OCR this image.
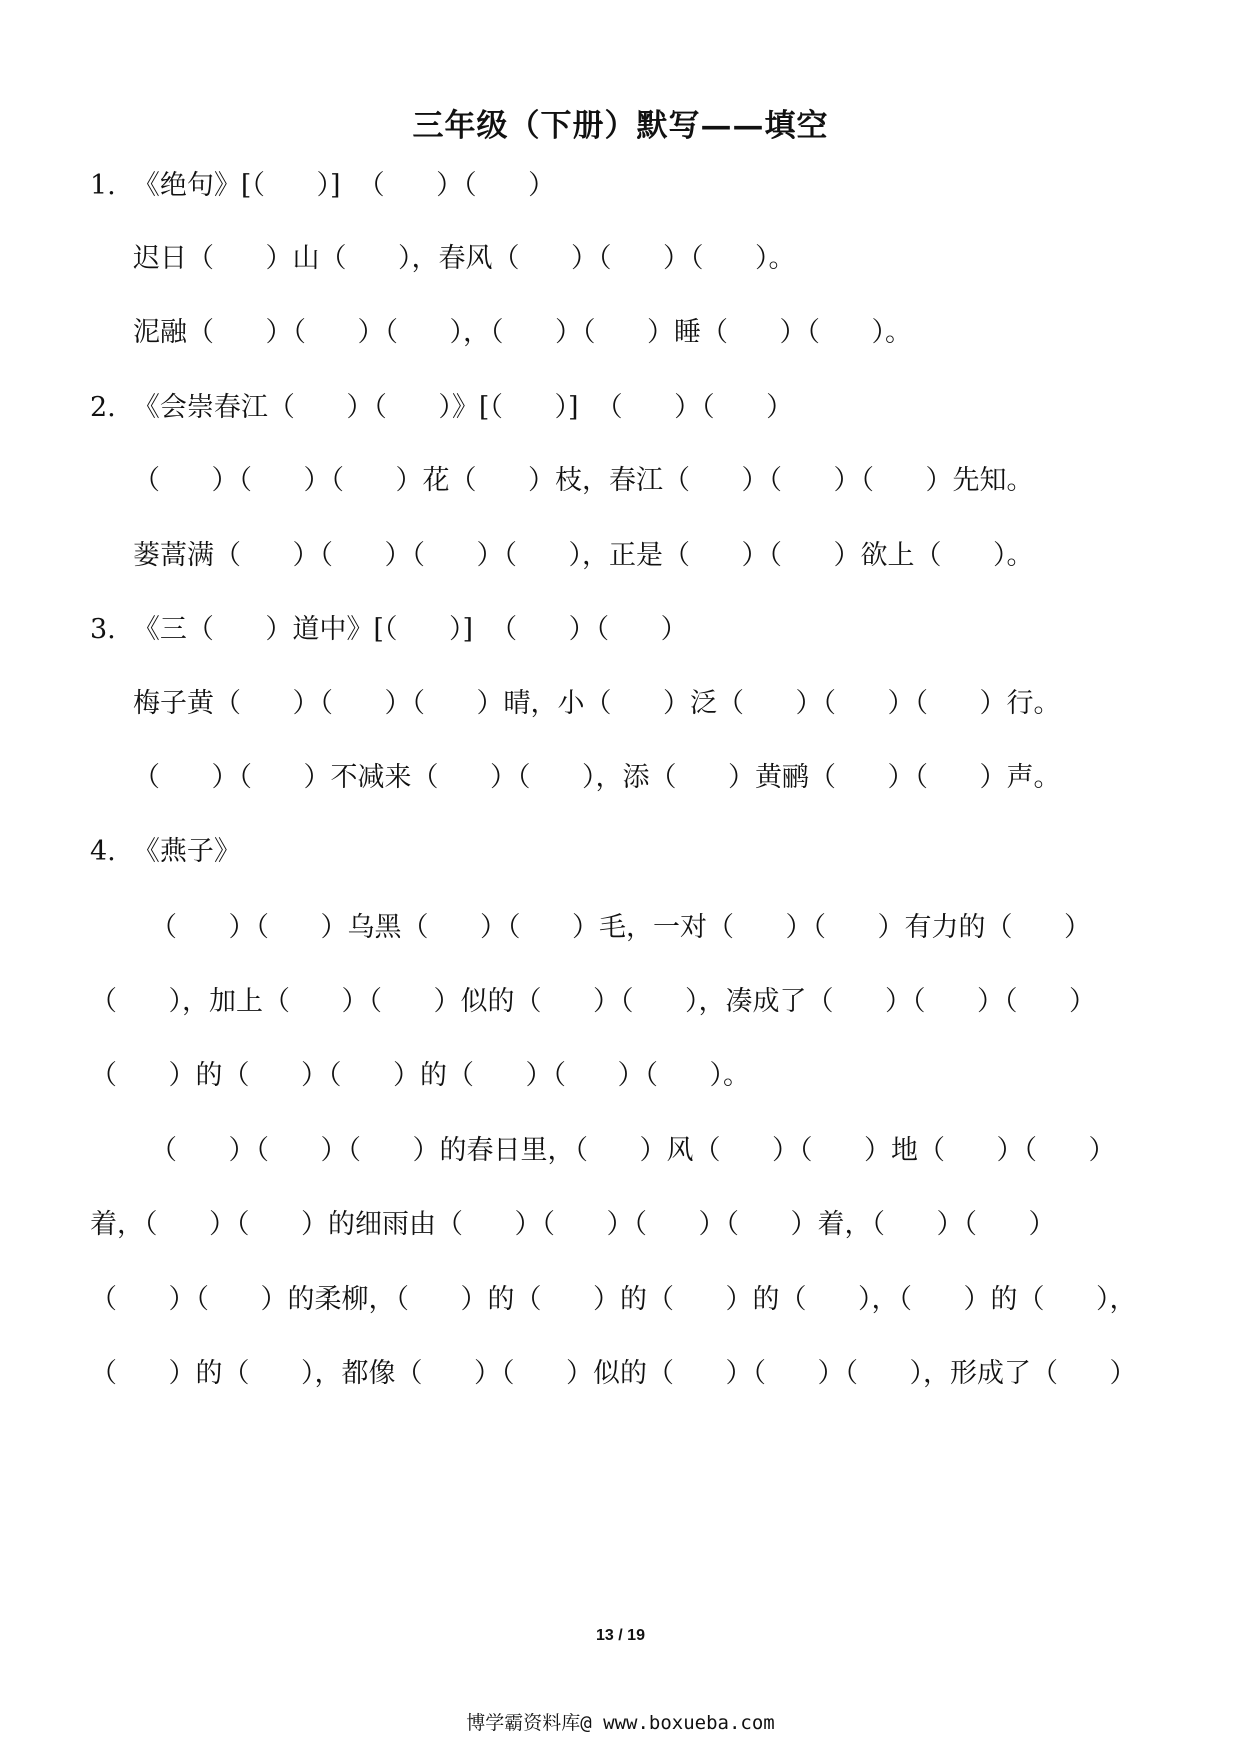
三年级（下册）默写——填空
1.  《绝句》[（      ）]  （      ）（      ）
迟日（      ）山（      ），春风（      ）（      ）（      ）。
泥融（      ）（      ）（      ），（      ）（      ）睡（      ）（      ）。
2.  《会崇春江（      ）（      ）》[（      ）]  （      ）（      ）
（      ）（      ）（      ）花（      ）枝，春江（      ）（      ）（      ）先知。
蒌蒿满（      ）（      ）（      ）（      ），正是（      ）（      ）欲上（      ）。
3.  《三（      ）道中》[（      ）]  （      ）（      ）
梅子黄（      ）（      ）（      ）晴，小（      ）泛（      ）（      ）（      ）行。
（      ）（      ）不减来（      ）（      ），添（      ）黄鹂（      ）（      ）声。
4.  《燕子》
（      ）（      ）乌黑（      ）（      ）毛，一对（      ）（      ）有力的（      ）
（      ），加上（      ）（      ）似的（      ）（      ），凑成了（      ）（      ）（      ）
（      ）的（      ）（      ）的（      ）（      ）（      ）。
（      ）（      ）（      ）的春日里，（      ）风（      ）（      ）地（      ）（      ）
着，（      ）（      ）的细雨由（      ）（      ）（      ）（      ）着，（      ）（      ）
（      ）（      ）的柔柳，（      ）的（      ）的（      ）的（      ），（      ）的（      ），
（      ）的（      ），都像（      ）（      ）似的（      ）（      ）（      ），形成了（      ）
13 / 19
博学霸资料库@ www.boxueba.com
